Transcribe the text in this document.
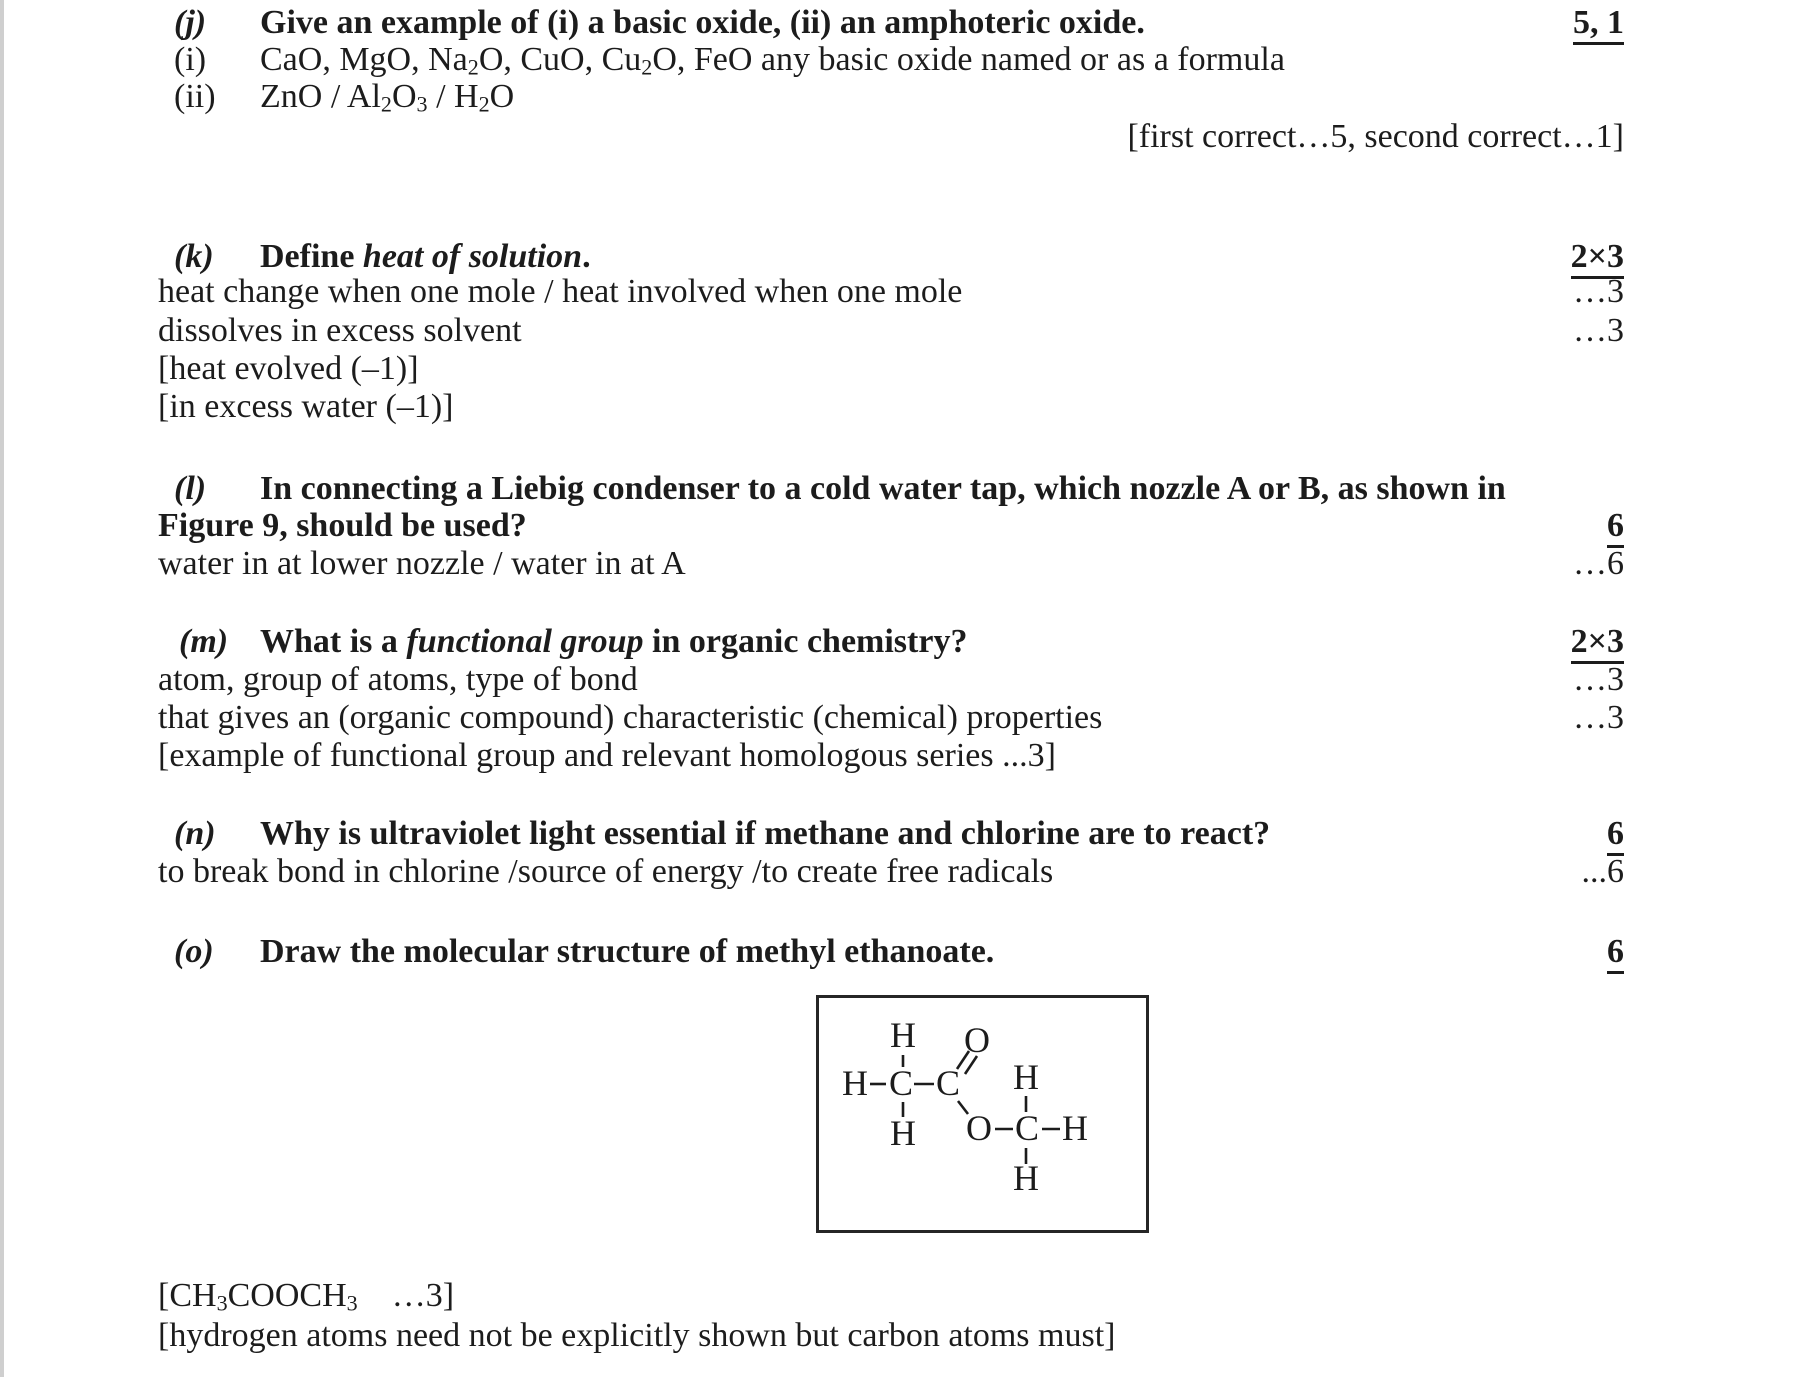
(j) Give an example of (i) a basic oxide, (ii) an amphoteric oxide.	5, 1
(i) CaO, MgO, Na2O, CuO, Cu2O, FeO any basic oxide named or as a formula
(ii) ZnO / Al2O3 / H2O
[first correct…5, second correct…1]
(k) Define heat of solution.	2×3
heat change when one mole / heat involved when one mole	…3
dissolves in excess solvent	…3
[heat evolved (–1)]
[in excess water (–1)]
(l) In connecting a Liebig condenser to a cold water tap, which nozzle A or B, as shown in
Figure 9, should be used?	6
water in at lower nozzle / water in at A	…6
(m) What is a functional group in organic chemistry?	2×3
atom, group of atoms, type of bond	…3
that gives an (organic compound) characteristic (chemical) properties	…3
[example of functional group and relevant homologous series ...3]
(n) Why is ultraviolet light essential if methane and chlorine are to react?	6
to break bond in chlorine /source of energy /to create free radicals	...6
(o) Draw the molecular structure of methyl ethanoate.	6
H
H C C
O
H O C H
H
H
[CH3COOCH3    …3]
[hydrogen atoms need not be explicitly shown but carbon atoms must]
